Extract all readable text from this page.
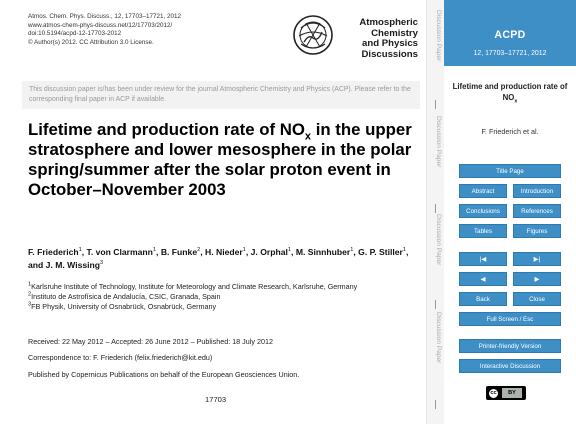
Atmos. Chem. Phys. Discuss., 12, 17703–17721, 2012
www.atmos-chem-phys-discuss.net/12/17703/2012/
doi:10.5194/acpd-12-17703-2012
© Author(s) 2012. CC Attribution 3.0 License.
Atmospheric
Chemistry
and Physics
Discussions
This discussion paper is/has been under review for the journal Atmospheric Chemistry and Physics (ACP). Please refer to the corresponding final paper in ACP if available.
Lifetime and production rate of $NO_x$ in the upper stratosphere and lower mesosphere in the polar spring/summer after the solar proton event in October–November 2003
F. Friederich$^1$, T. von Clarmann$^1$, B. Funke$^2$, H. Nieder$^1$, J. Orphal$^1$, M. Sinnhuber$^1$, G. P. Stiller$^1$, and J. M. Wissing$^3$
$^1$Karlsruhe Institute of Technology, Institute for Meteorology and Climate Research, Karlsruhe, Germany
$^2$Instituto de Astrofísica de Andalucía, CSIC, Granada, Spain
$^3$FB Physik, University of Osnabrück, Osnabrück, Germany
Received: 22 May 2012 – Accepted: 26 June 2012 – Published: 18 July 2012
Correspondence to: F. Friederich (felix.friederich@kit.edu)
Published by Copernicus Publications on behalf of the European Geosciences Union.
17703
Discussion Paper
Discussion Paper
Discussion Paper
Discussion Paper
ACPD
12, 17703–17721, 2012
Lifetime and production rate of
$NO_x$
F. Friederich et al.
Title Page
Abstract	Introduction
Conclusions	References
Tables	Figures
|◀	▶|
◀	▶
Back	Close
Full Screen / Esc
Printer-friendly Version
Interactive Discussion
cc BY
